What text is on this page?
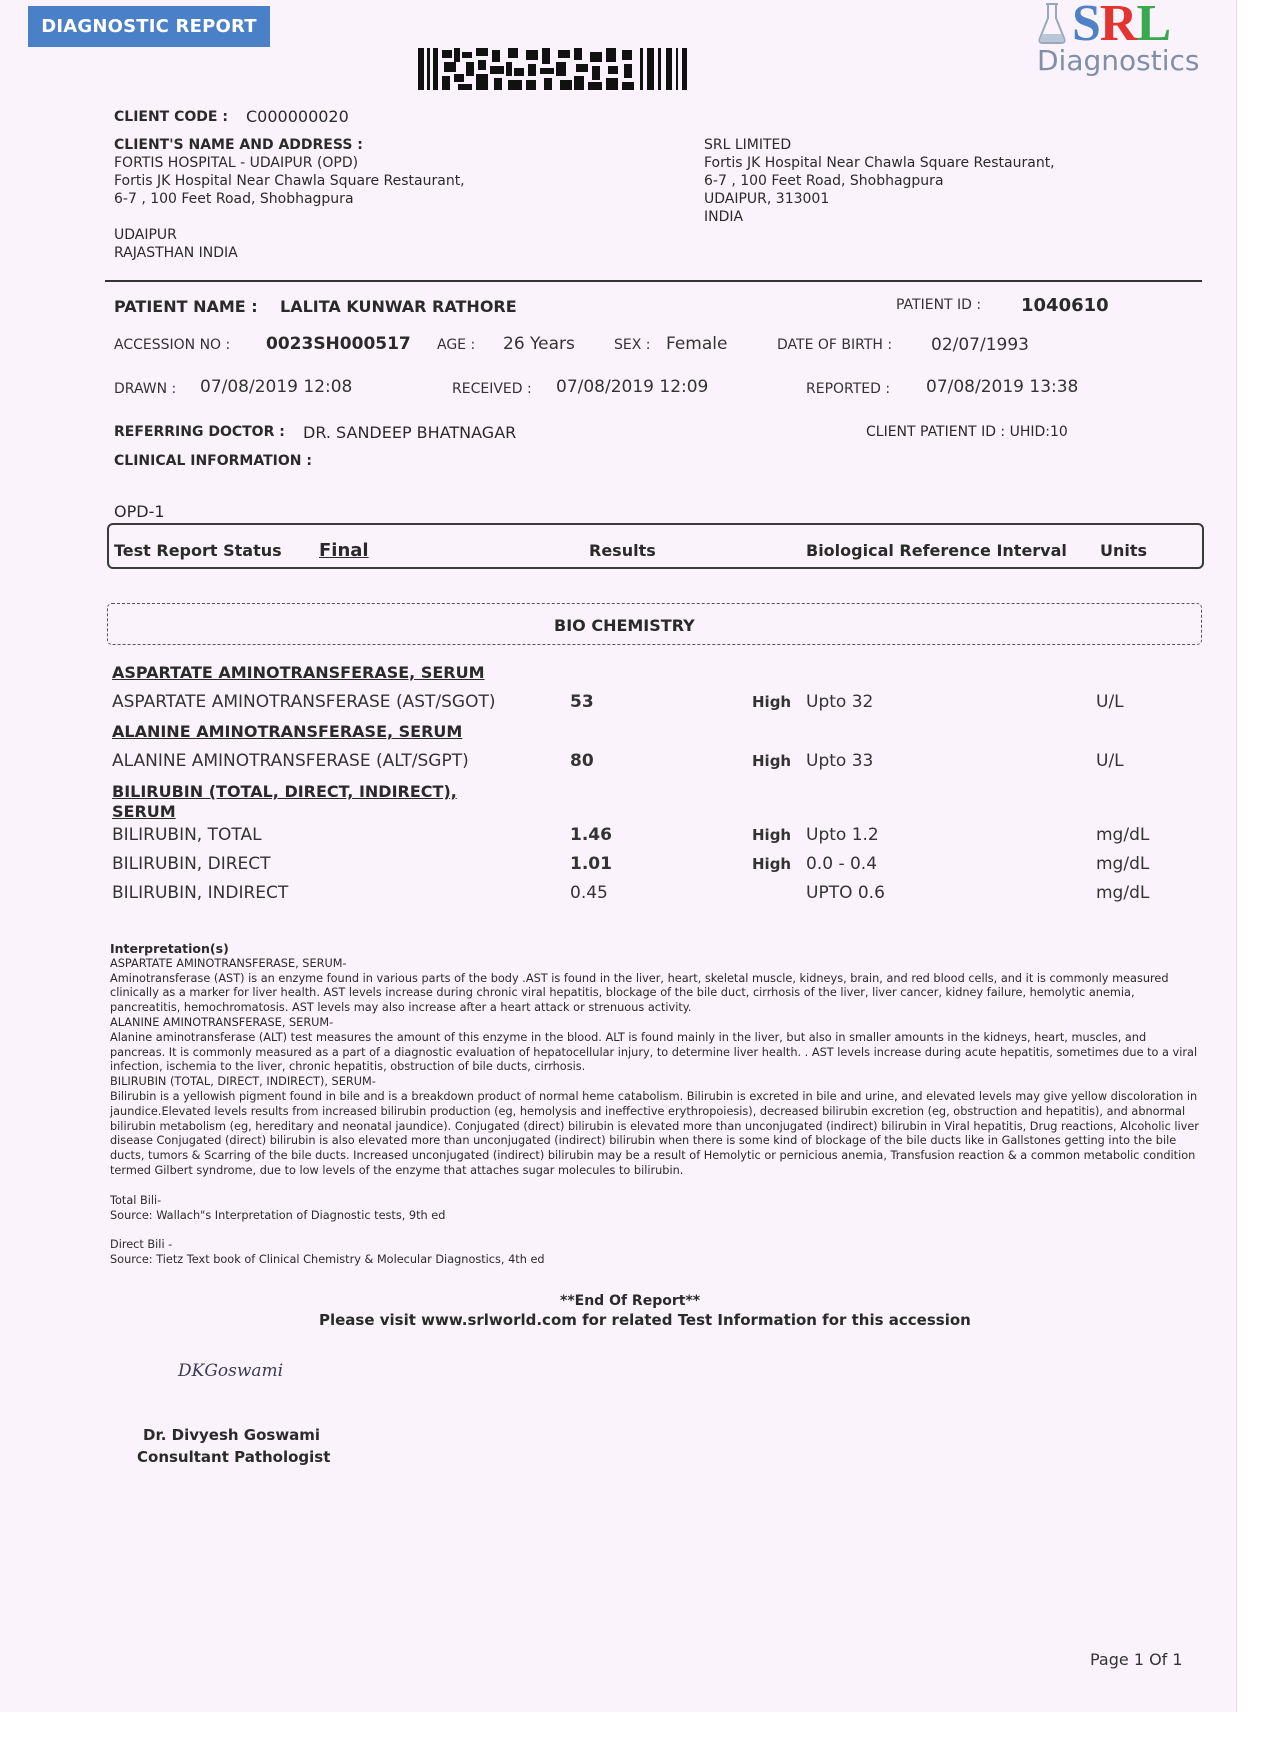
DIAGNOSTIC REPORT	SRL
Diagnostics
CLIENT CODE : C000000020
CLIENT'S NAME AND ADDRESS :
FORTIS HOSPITAL - UDAIPUR (OPD)
Fortis JK Hospital Near Chawla Square Restaurant,
6-7 , 100 Feet Road, Shobhagpura
UDAIPUR
RAJASTHAN INDIA
SRL LIMITED
Fortis JK Hospital Near Chawla Square Restaurant,
6-7 , 100 Feet Road, Shobhagpura
UDAIPUR, 313001
INDIA
PATIENT NAME : LALITA KUNWAR RATHORE	PATIENT ID : 1040610
ACCESSION NO : 0023SH000517 AGE : 26 Years	SEX : Female	DATE OF BIRTH : 02/07/1993
DRAWN : 07/08/2019 12:08	RECEIVED : 07/08/2019 12:09	REPORTED : 07/08/2019 13:38
REFERRING DOCTOR : DR. SANDEEP BHATNAGAR	CLIENT PATIENT ID : UHID:10
CLINICAL INFORMATION :
OPD-1
Test Report Status Final	Results	Biological Reference Interval Units
BIO CHEMISTRY
ASPARTATE AMINOTRANSFERASE, SERUM
ASPARTATE AMINOTRANSFERASE (AST/SGOT)	53	High Upto 32	U/L
ALANINE AMINOTRANSFERASE, SERUM
ALANINE AMINOTRANSFERASE (ALT/SGPT)	80	High Upto 33	U/L
BILIRUBIN (TOTAL, DIRECT, INDIRECT),
SERUM
BILIRUBIN, TOTAL	1.46	High Upto 1.2	mg/dL
BILIRUBIN, DIRECT	1.01	High 0.0 - 0.4	mg/dL
BILIRUBIN, INDIRECT	0.45	UPTO 0.6	mg/dL

Interpretation(s)

ASPARTATE AMINOTRANSFERASE, SERUM-

Aminotransferase (AST) is an enzyme found in various parts of the body .AST is found in the liver, heart, skeletal muscle, kidneys, brain, and red blood cells, and it is commonly measured clinically as a marker for liver health. AST levels increase during chronic viral hepatitis, blockage of the bile duct, cirrhosis of the liver, liver cancer, kidney failure, hemolytic anemia, pancreatitis, hemochromatosis. AST levels may also increase after a heart attack or strenuous activity.

ALANINE AMINOTRANSFERASE, SERUM-

Alanine aminotransferase (ALT) test measures the amount of this enzyme in the blood. ALT is found mainly in the liver, but also in smaller amounts in the kidneys, heart, muscles, and pancreas. It is commonly measured as a part of a diagnostic evaluation of hepatocellular injury, to determine liver health. . AST levels increase during acute hepatitis, sometimes due to a viral infection, ischemia to the liver, chronic hepatitis, obstruction of bile ducts, cirrhosis.

BILIRUBIN (TOTAL, DIRECT, INDIRECT), SERUM-

Bilirubin is a yellowish pigment found in bile and is a breakdown product of normal heme catabolism. Bilirubin is excreted in bile and urine, and elevated levels may give yellow discoloration in jaundice.Elevated levels results from increased bilirubin production (eg, hemolysis and ineffective erythropoiesis), decreased bilirubin excretion (eg, obstruction and hepatitis), and abnormal bilirubin metabolism (eg, hereditary and neonatal jaundice). Conjugated (direct) bilirubin is elevated more than unconjugated (indirect) bilirubin in Viral hepatitis, Drug reactions, Alcoholic liver disease Conjugated (direct) bilirubin is also elevated more than unconjugated (indirect) bilirubin when there is some kind of blockage of the bile ducts like in Gallstones getting into the bile ducts, tumors & Scarring of the bile ducts. Increased unconjugated (indirect) bilirubin may be a result of Hemolytic or pernicious anemia, Transfusion reaction & a common metabolic condition termed Gilbert syndrome, due to low levels of the enzyme that attaches sugar molecules to bilirubin.

Total Bili-

Source: Wallach"s Interpretation of Diagnostic tests, 9th ed

Direct Bili -

Source: Tietz Text book of Clinical Chemistry & Molecular Diagnostics, 4th ed

**End Of Report**
Please visit www.srlworld.com for related Test Information for this accession
DKGoswami
Dr. Divyesh Goswami
Consultant Pathologist
Page 1 Of 1
